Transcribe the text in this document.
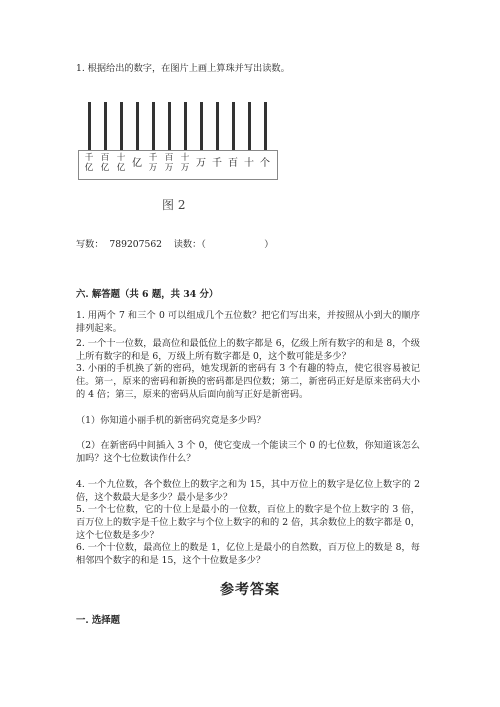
1. 根据给出的数字，在图片上画上算珠并写出读数。
千
亿
百
亿
十
亿 亿 千
万
百
万
十
万 万 千 百 十 个
图 2
写数：  789207562    读数：（                    ）
六. 解答题（共 6 题，共 34 分）
1. 用两个 7 和三个 0 可以组成几个五位数？把它们写出来，并按照从小到大的顺序排列起来。
2. 一个十一位数，最高位和最低位上的数字都是 6，亿级上所有数字的和是 8，个级上所有数字的和是 6，万级上所有数字都是 0，这个数可能是多少？
3. 小丽的手机换了新的密码，她发现新的密码有 3 个有趣的特点，使它很容易被记住。第一，原来的密码和新换的密码都是四位数；第二，新密码正好是原来密码大小的 4 倍；第三，原来的密码从后面向前写正好是新密码。
（1）你知道小丽手机的新密码究竟是多少吗？
（2）在新密码中间插入 3 个 0，使它变成一个能读三个 0 的七位数，你知道该怎么加吗？这个七位数读作什么？
4. 一个九位数，各个数位上的数字之和为 15，其中万位上的数字是亿位上数字的 2 倍，这个数最大是多少？最小是多少？
5. 一个七位数，它的十位上是最小的一位数，百位上的数字是个位上数字的 3 倍，百万位上的数字是千位上数字与个位上数字的和的 2 倍，其余数位上的数字都是 0，这个七位数是多少？
6. 一个十位数，最高位上的数是 1，亿位上是最小的自然数，百万位上的数是 8，每相邻四个数字的和是 15，这个十位数是多少？
参考答案
一. 选择题
